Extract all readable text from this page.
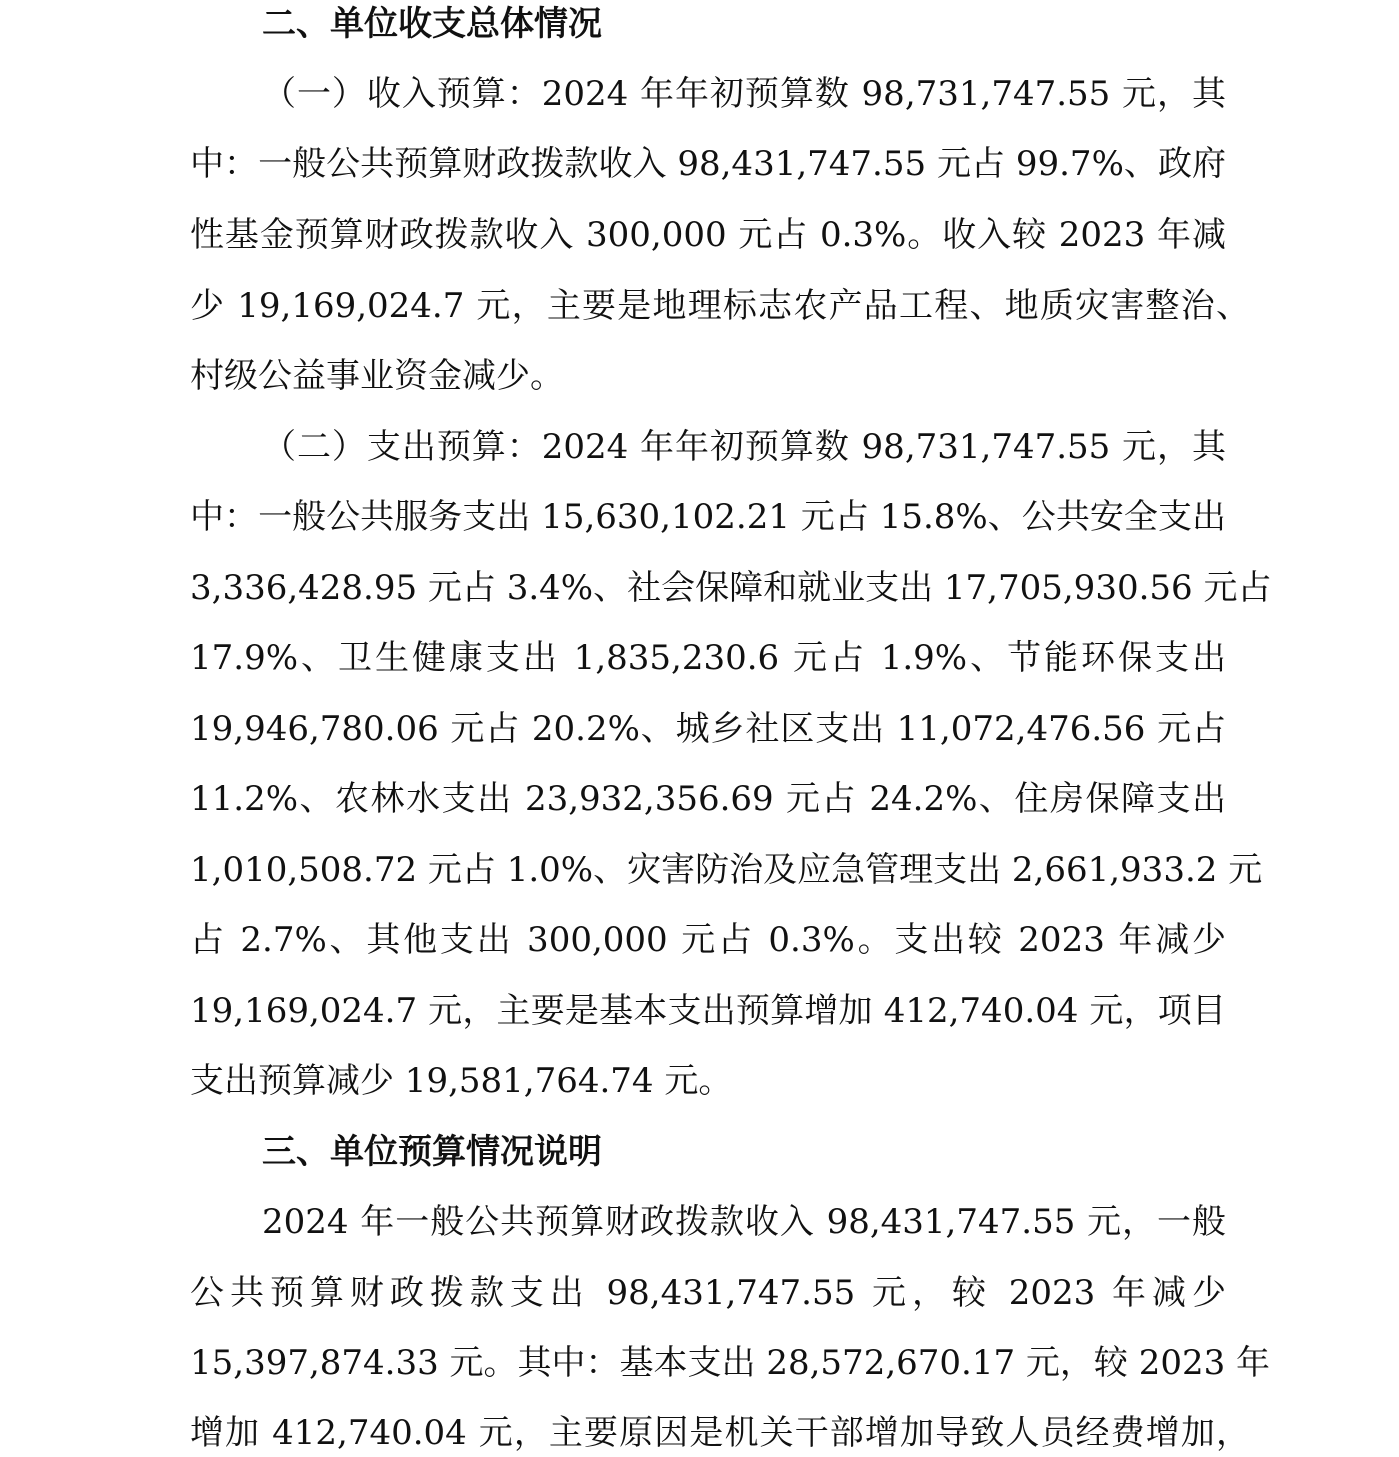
二、单位收支总体情况
（一）收入预算：2024 年年初预算数 98,731,747.55 元，其
中：一般公共预算财政拨款收入 98,431,747.55 元占 99.7%、政府
性基金预算财政拨款收入 300,000 元占 0.3%。收入较 2023 年减
少 19,169,024.7 元，主要是地理标志农产品工程、地质灾害整治、
村级公益事业资金减少。
（二）支出预算：2024 年年初预算数 98,731,747.55 元，其
中：一般公共服务支出 15,630,102.21 元占 15.8%、公共安全支出
3,336,428.95 元占 3.4%、社会保障和就业支出 17,705,930.56 元占
17.9%、卫生健康支出 1,835,230.6 元占 1.9%、节能环保支出
19,946,780.06 元占 20.2%、城乡社区支出 11,072,476.56 元占
11.2%、农林水支出 23,932,356.69 元占 24.2%、住房保障支出
1,010,508.72 元占 1.0%、灾害防治及应急管理支出 2,661,933.2 元
占 2.7%、其他支出 300,000 元占 0.3%。支出较 2023 年减少
19,169,024.7 元，主要是基本支出预算增加 412,740.04 元，项目
支出预算减少 19,581,764.74 元。
三、单位预算情况说明
2024 年一般公共预算财政拨款收入 98,431,747.55 元，一般
公共预算财政拨款支出 98,431,747.55 元，较 2023 年减少
15,397,874.33 元。其中：基本支出 28,572,670.17 元，较 2023 年
增加 412,740.04 元，主要原因是机关干部增加导致人员经费增加，
